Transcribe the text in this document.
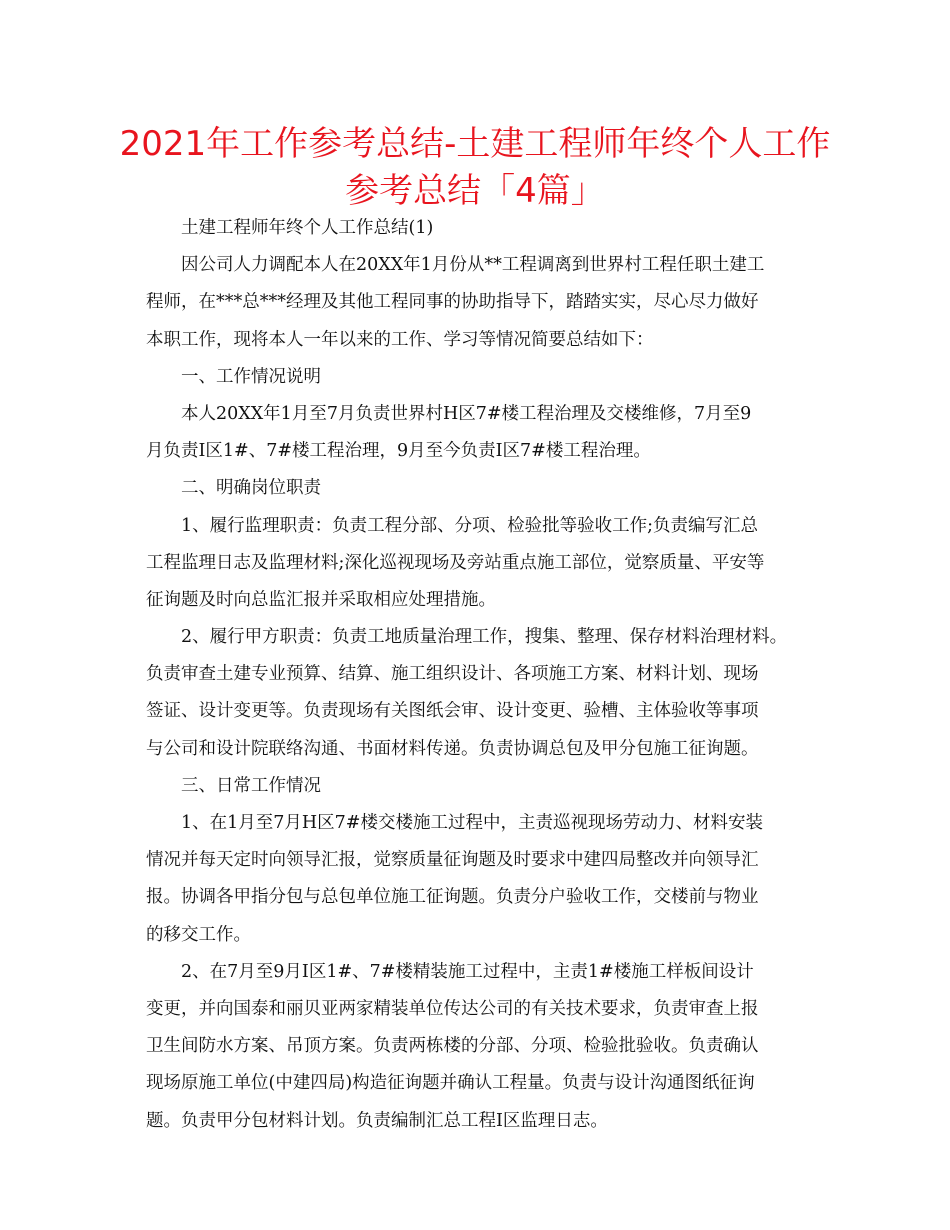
2021年工作参考总结-土建工程师年终个人工作
参考总结「4篇」
土建工程师年终个人工作总结(1)
因公司人力调配本人在20XX年1月份从**工程调离到世界村工程任职土建工
程师，在***总***经理及其他工程同事的协助指导下，踏踏实实，尽心尽力做好
本职工作，现将本人一年以来的工作、学习等情况简要总结如下：
一、工作情况说明
本人20XX年1月至7月负责世界村H区7#楼工程治理及交楼维修，7月至9
月负责I区1#、7#楼工程治理，9月至今负责I区7#楼工程治理。
二、明确岗位职责
1、履行监理职责：负责工程分部、分项、检验批等验收工作;负责编写汇总
工程监理日志及监理材料;深化巡视现场及旁站重点施工部位，觉察质量、平安等
征询题及时向总监汇报并采取相应处理措施。
2、履行甲方职责：负责工地质量治理工作，搜集、整理、保存材料治理材料。
负责审查土建专业预算、结算、施工组织设计、各项施工方案、材料计划、现场
签证、设计变更等。负责现场有关图纸会审、设计变更、验槽、主体验收等事项
与公司和设计院联络沟通、书面材料传递。负责协调总包及甲分包施工征询题。
三、日常工作情况
1、在1月至7月H区7#楼交楼施工过程中，主责巡视现场劳动力、材料安装
情况并每天定时向领导汇报，觉察质量征询题及时要求中建四局整改并向领导汇
报。协调各甲指分包与总包单位施工征询题。负责分户验收工作，交楼前与物业
的移交工作。
2、在7月至9月I区1#、7#楼精装施工过程中，主责1#楼施工样板间设计
变更，并向国泰和丽贝亚两家精装单位传达公司的有关技术要求，负责审查上报
卫生间防水方案、吊顶方案。负责两栋楼的分部、分项、检验批验收。负责确认
现场原施工单位(中建四局)构造征询题并确认工程量。负责与设计沟通图纸征询
题。负责甲分包材料计划。负责编制汇总工程I区监理日志。
